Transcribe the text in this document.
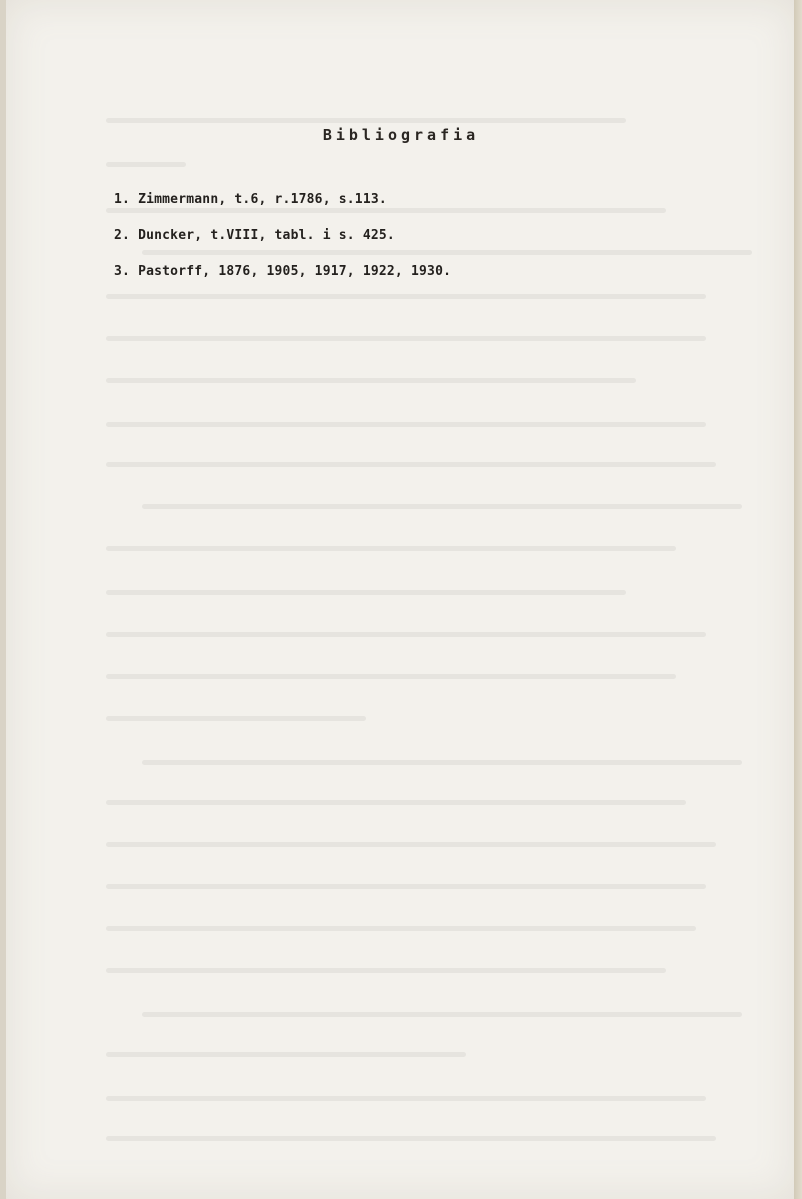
Bibliografia
1. Zimmermann, t.6, r.1786, s.113.
2. Duncker, t.VIII, tabl. i s. 425.
3. Pastorff, 1876, 1905, 1917, 1922, 1930.
